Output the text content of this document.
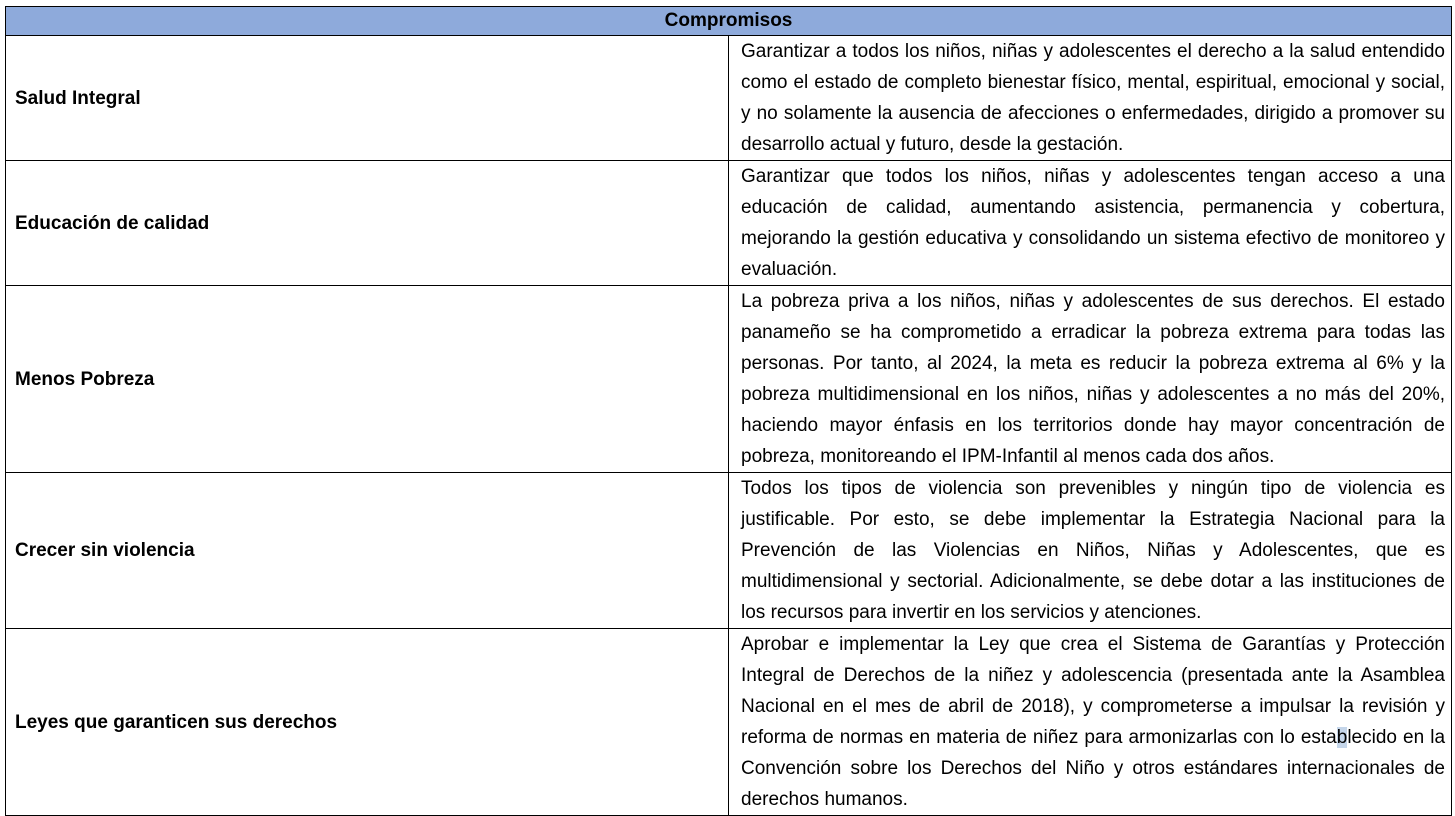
Compromisos	
Salud Integral	Garantizar a todos los niños, niñas y adolescentes el derecho a la salud entendido como el estado de completo bienestar físico, mental, espiritual, emocional y social, y no solamente la ausencia de afecciones o enfermedades, dirigido a promover su desarrollo actual y futuro, desde la gestación.
Educación de calidad	Garantizar que todos los niños, niñas y adolescentes tengan acceso a una educación de calidad, aumentando asistencia, permanencia y cobertura, mejorando la gestión educativa y consolidando un sistema efectivo de monitoreo y evaluación.
Menos Pobreza	La pobreza priva a los niños, niñas y adolescentes de sus derechos. El estado panameño se ha comprometido a erradicar la pobreza extrema para todas las personas. Por tanto, al 2024, la meta es reducir la pobreza extrema al 6% y la pobreza multidimensional en los niños, niñas y adolescentes a no más del 20%, haciendo mayor énfasis en los territorios donde hay mayor concentración de pobreza, monitoreando el IPM-Infantil al menos cada dos años.
Crecer sin violencia	Todos los tipos de violencia son prevenibles y ningún tipo de violencia es justificable. Por esto, se debe implementar la Estrategia Nacional para la Prevención de las Violencias en Niños, Niñas y Adolescentes, que es multidimensional y sectorial. Adicionalmente, se debe dotar a las instituciones de los recursos para invertir en los servicios y atenciones.
Leyes que garanticen sus derechos	Aprobar e implementar la Ley que crea el Sistema de Garantías y Protección Integral de Derechos de la niñez y adolescencia (presentada ante la Asamblea Nacional en el mes de abril de 2018), y comprometerse a impulsar la revisión y reforma de normas en materia de niñez para armonizarlas con lo establecido en la Convención sobre los Derechos del Niño y otros estándares internacionales de derechos humanos.
